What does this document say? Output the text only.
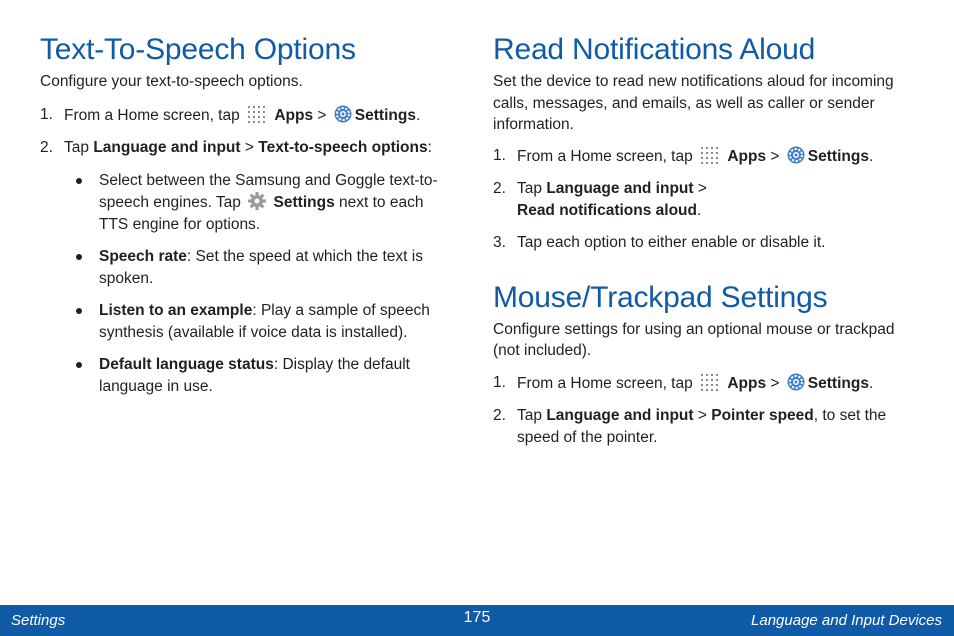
Text-To-Speech Options

Configure your text-to-speech options.

1. From a Home screen, tap Apps > Settings.
2. Tap Language and input > Text-to-speech options:
Select between the Samsung and Goggle text-to-speech engines. Tap Settings next to each TTS engine for options.
Speech rate: Set the speed at which the text is spoken.
Listen to an example: Play a sample of speech synthesis (available if voice data is installed).
Default language status: Display the default language in use.
Read Notifications Aloud

Set the device to read new notifications aloud for incoming calls, messages, and emails, as well as caller or sender information.

1. From a Home screen, tap Apps > Settings.
2. Tap Language and input >
Read notifications aloud.
3. Tap each option to either enable or disable it.
Mouse/Trackpad Settings

Configure settings for using an optional mouse or trackpad (not included).

1. From a Home screen, tap Apps > Settings.
2. Tap Language and input > Pointer speed, to set the speed of the pointer.
Settings	175	Language and Input Devices
